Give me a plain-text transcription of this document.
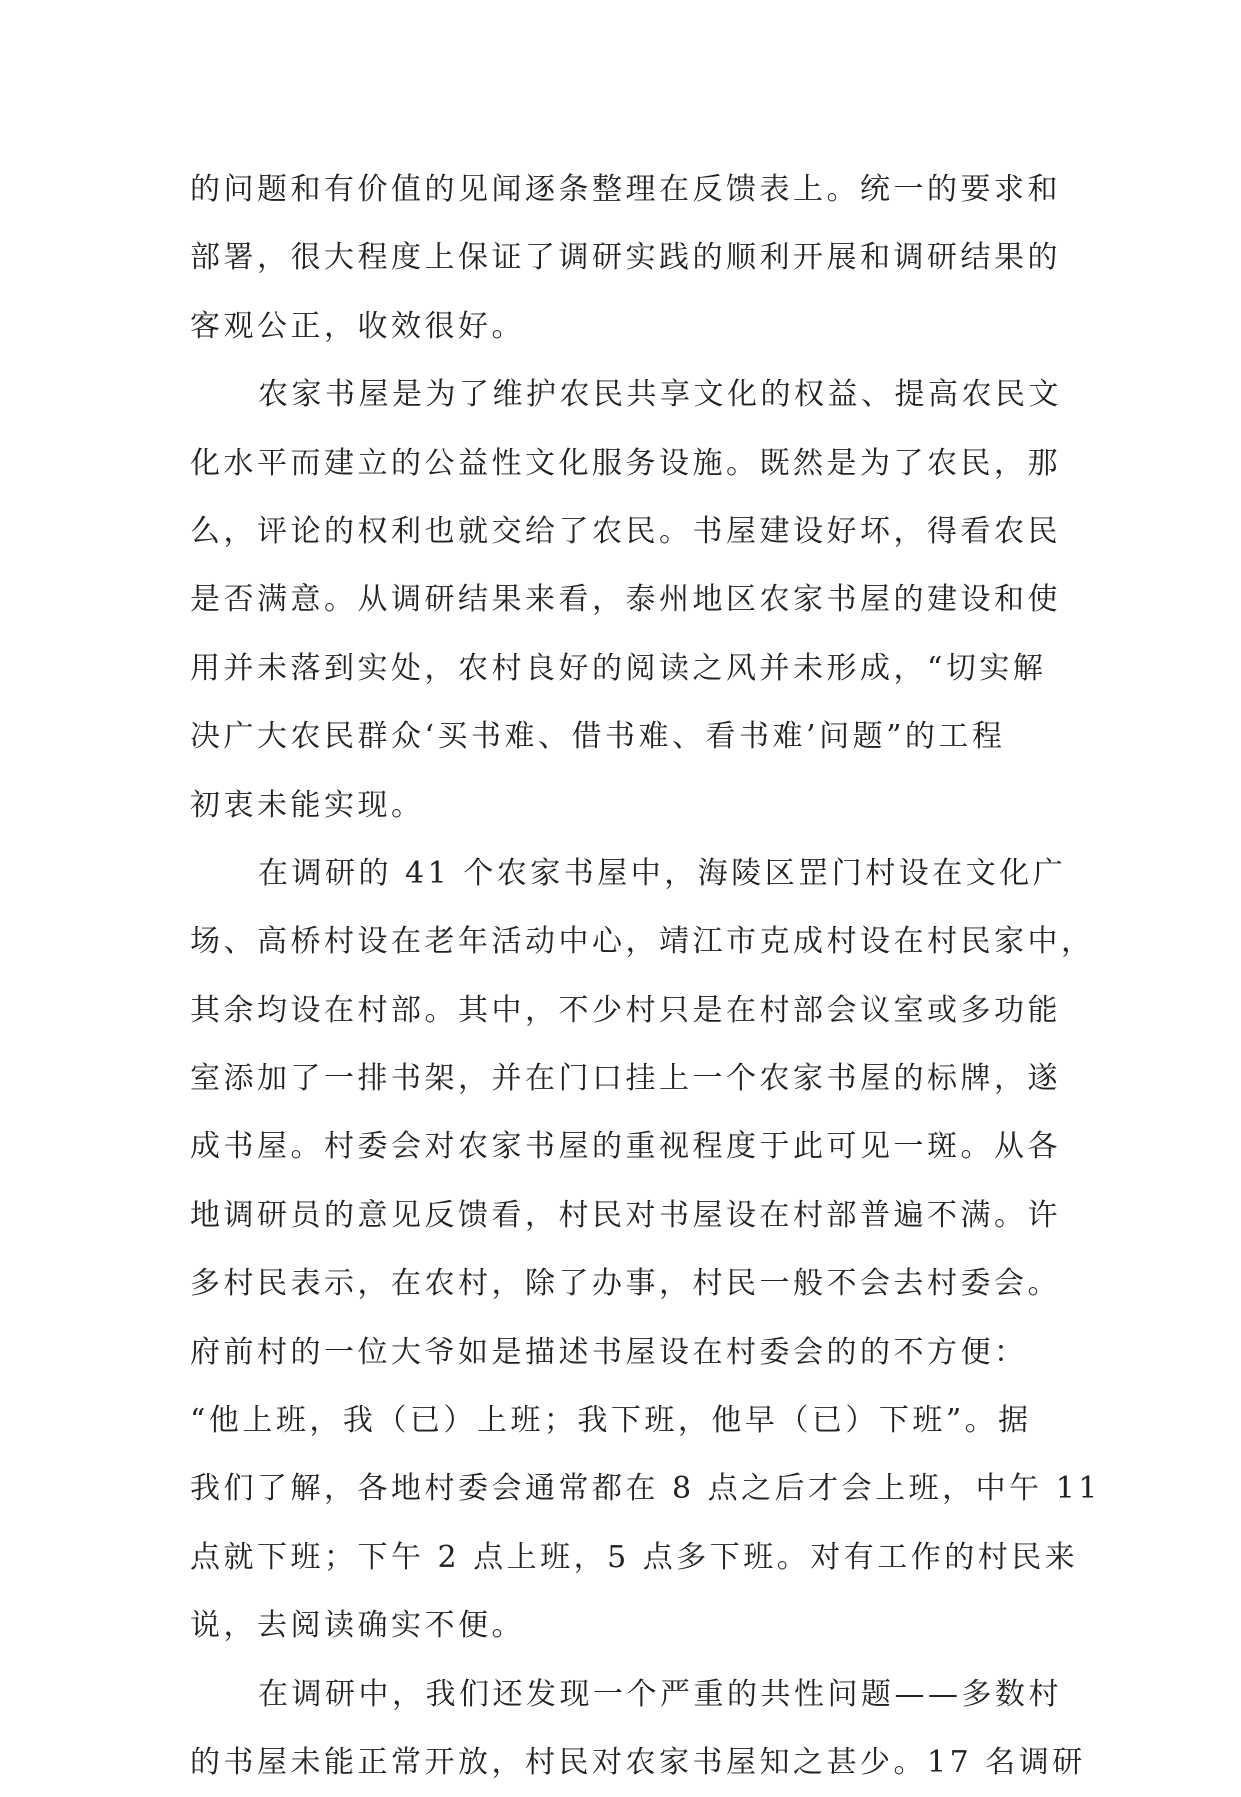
的问题和有价值的见闻逐条整理在反馈表上。统一的要求和
部署，很大程度上保证了调研实践的顺利开展和调研结果的
客观公正，收效很好。
农家书屋是为了维护农民共享文化的权益、提高农民文
化水平而建立的公益性文化服务设施。既然是为了农民，那
么，评论的权利也就交给了农民。书屋建设好坏，得看农民
是否满意。从调研结果来看，泰州地区农家书屋的建设和使
用并未落到实处，农村良好的阅读之风并未形成，“切实解
决广大农民群众‘买书难、借书难、看书难’问题”的工程
初衷未能实现。
在调研的 41 个农家书屋中，海陵区罡门村设在文化广
场、高桥村设在老年活动中心，靖江市克成村设在村民家中，
其余均设在村部。其中，不少村只是在村部会议室或多功能
室添加了一排书架，并在门口挂上一个农家书屋的标牌，遂
成书屋。村委会对农家书屋的重视程度于此可见一斑。从各
地调研员的意见反馈看，村民对书屋设在村部普遍不满。许
多村民表示，在农村，除了办事，村民一般不会去村委会。
府前村的一位大爷如是描述书屋设在村委会的的不方便：
“他上班，我（已）上班；我下班，他早（已）下班”。据
我们了解，各地村委会通常都在 8 点之后才会上班，中午 11
点就下班；下午 2 点上班，5 点多下班。对有工作的村民来
说，去阅读确实不便。
在调研中，我们还发现一个严重的共性问题——多数村
的书屋未能正常开放，村民对农家书屋知之甚少。17 名调研
